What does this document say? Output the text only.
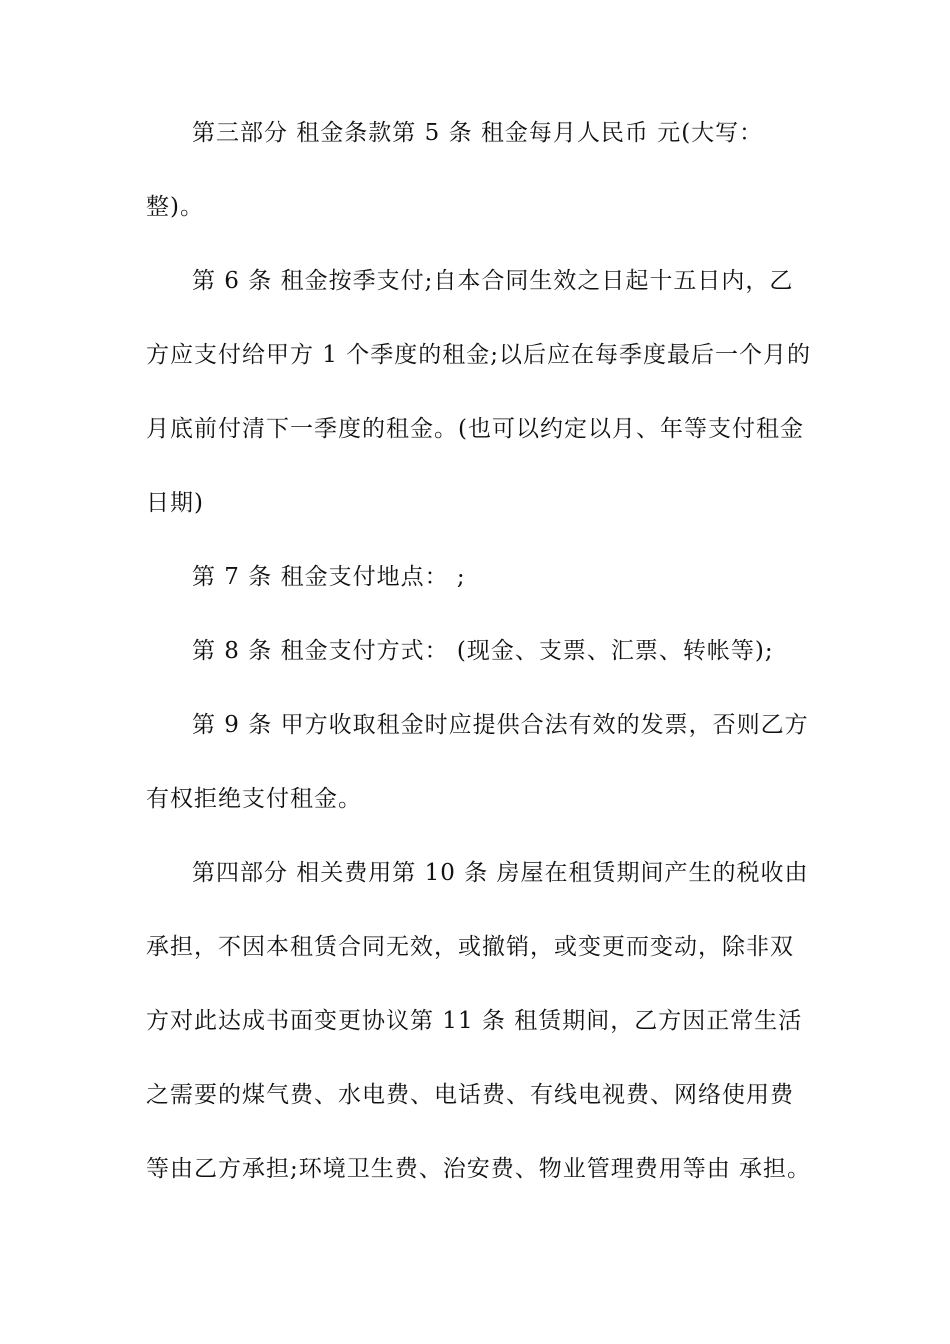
第三部分 租金条款第 5 条 租金每月人民币 元(大写：
整)。
第 6 条 租金按季支付;自本合同生效之日起十五日内，乙
方应支付给甲方 1 个季度的租金;以后应在每季度最后一个月的
月底前付清下一季度的租金。(也可以约定以月、年等支付租金
日期)
第 7 条 租金支付地点： ;
第 8 条 租金支付方式： (现金、支票、汇票、转帐等);
第 9 条 甲方收取租金时应提供合法有效的发票，否则乙方
有权拒绝支付租金。
第四部分 相关费用第 10 条 房屋在租赁期间产生的税收由
承担，不因本租赁合同无效，或撤销，或变更而变动，除非双
方对此达成书面变更协议第 11 条 租赁期间，乙方因正常生活
之需要的煤气费、水电费、电话费、有线电视费、网络使用费
等由乙方承担;环境卫生费、治安费、物业管理费用等由 承担。
